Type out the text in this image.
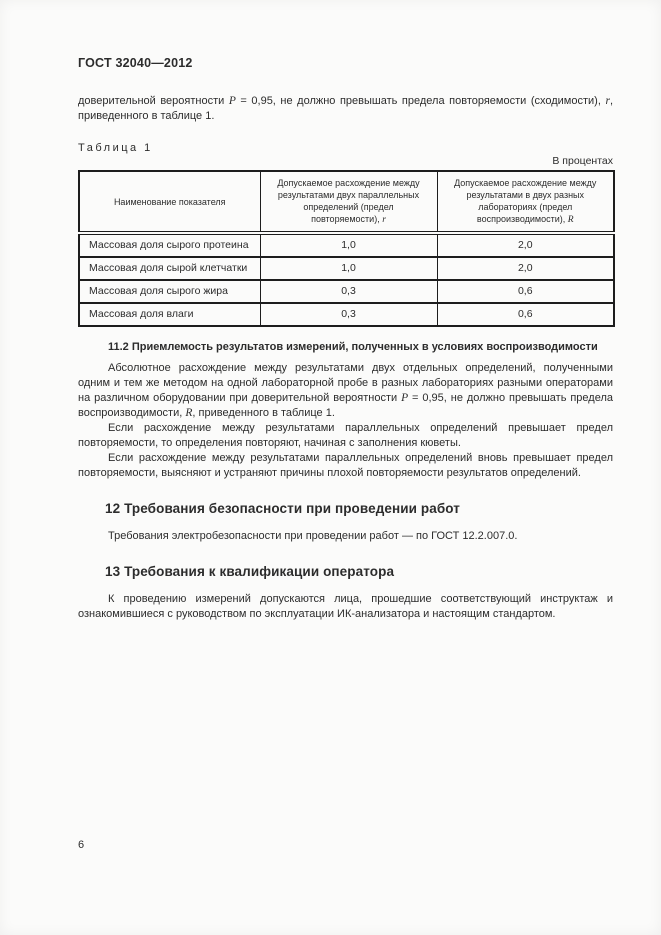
ГОСТ 32040—2012

доверительной вероятности P = 0,95, не должно превышать предела повторяемости (сходимости), r, приведенного в таблице 1.

Таблица 1
В процентах
Наименование показателя	Допускаемое расхождение между результатами двух параллельных определений (предел повторяемости), r	Допускаемое расхождение между результатами в двух разных лабораториях (предел воспроизводимости), R
Массовая доля сырого протеина	1,0	2,0
Массовая доля сырой клетчатки	1,0	2,0
Массовая доля сырого жира	0,3	0,6
Массовая доля влаги	0,3	0,6
11.2 Приемлемость результатов измерений, полученных в условиях воспроизводимости

Абсолютное расхождение между результатами двух отдельных определений, полученными одним и тем же методом на одной лабораторной пробе в разных лабораториях разными операторами на различном оборудовании при доверительной вероятности P = 0,95, не должно превышать предела воспроизводимости, R, приведенного в таблице 1.

Если расхождение между результатами параллельных определений превышает предел повторяемости, то определения повторяют, начиная с заполнения кюветы.

Если расхождение между результатами параллельных определений вновь превышает предел повторяемости, выясняют и устраняют причины плохой повторяемости результатов определений.

12 Требования безопасности при проведении работ

Требования электробезопасности при проведении работ — по ГОСТ 12.2.007.0.

13 Требования к квалификации оператора

К проведению измерений допускаются лица, прошедшие соответствующий инструктаж и ознакомившиеся с руководством по эксплуатации ИК-анализатора и настоящим стандартом.

6
